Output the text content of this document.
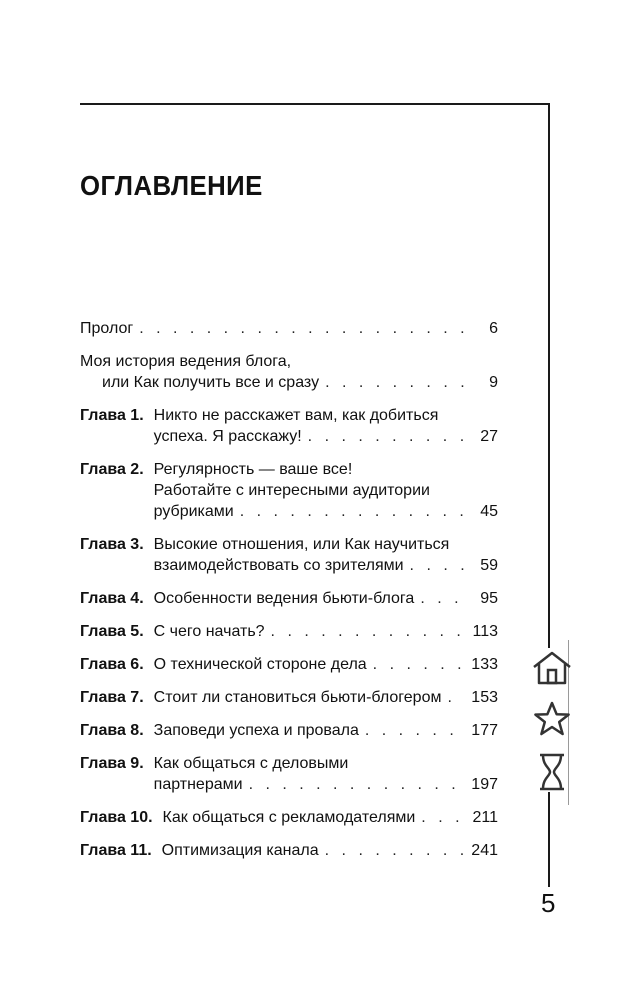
ОГЛАВЛЕНИЕ
Пролог . . .	6
Моя история ведения блога,
или Как получить все и сразу . . .	9
Глава 1. Никто не расскажет вам, как добиться
успеха. Я расскажу! . . .	27
Глава 2. Регулярность — ваше все!
Работайте с интересными аудитории
рубриками . . .	45
Глава 3. Высокие отношения, или Как научиться
взаимодействовать со зрителями . . .	59
Глава 4. Особенности ведения бьюти-блога . . .	95
Глава 5. С чего начать? . . .	113
Глава 6. О технической стороне дела . . .	133
Глава 7. Стоит ли становиться бьюти-блогером . . . 153
Глава 8. Заповеди успеха и провала . . .	177
Глава 9. Как общаться с деловыми
партнерами . . .	197
Глава 10. Как общаться с рекламодателями . . .	211
Глава 11. Оптимизация канала . . .	241
5
